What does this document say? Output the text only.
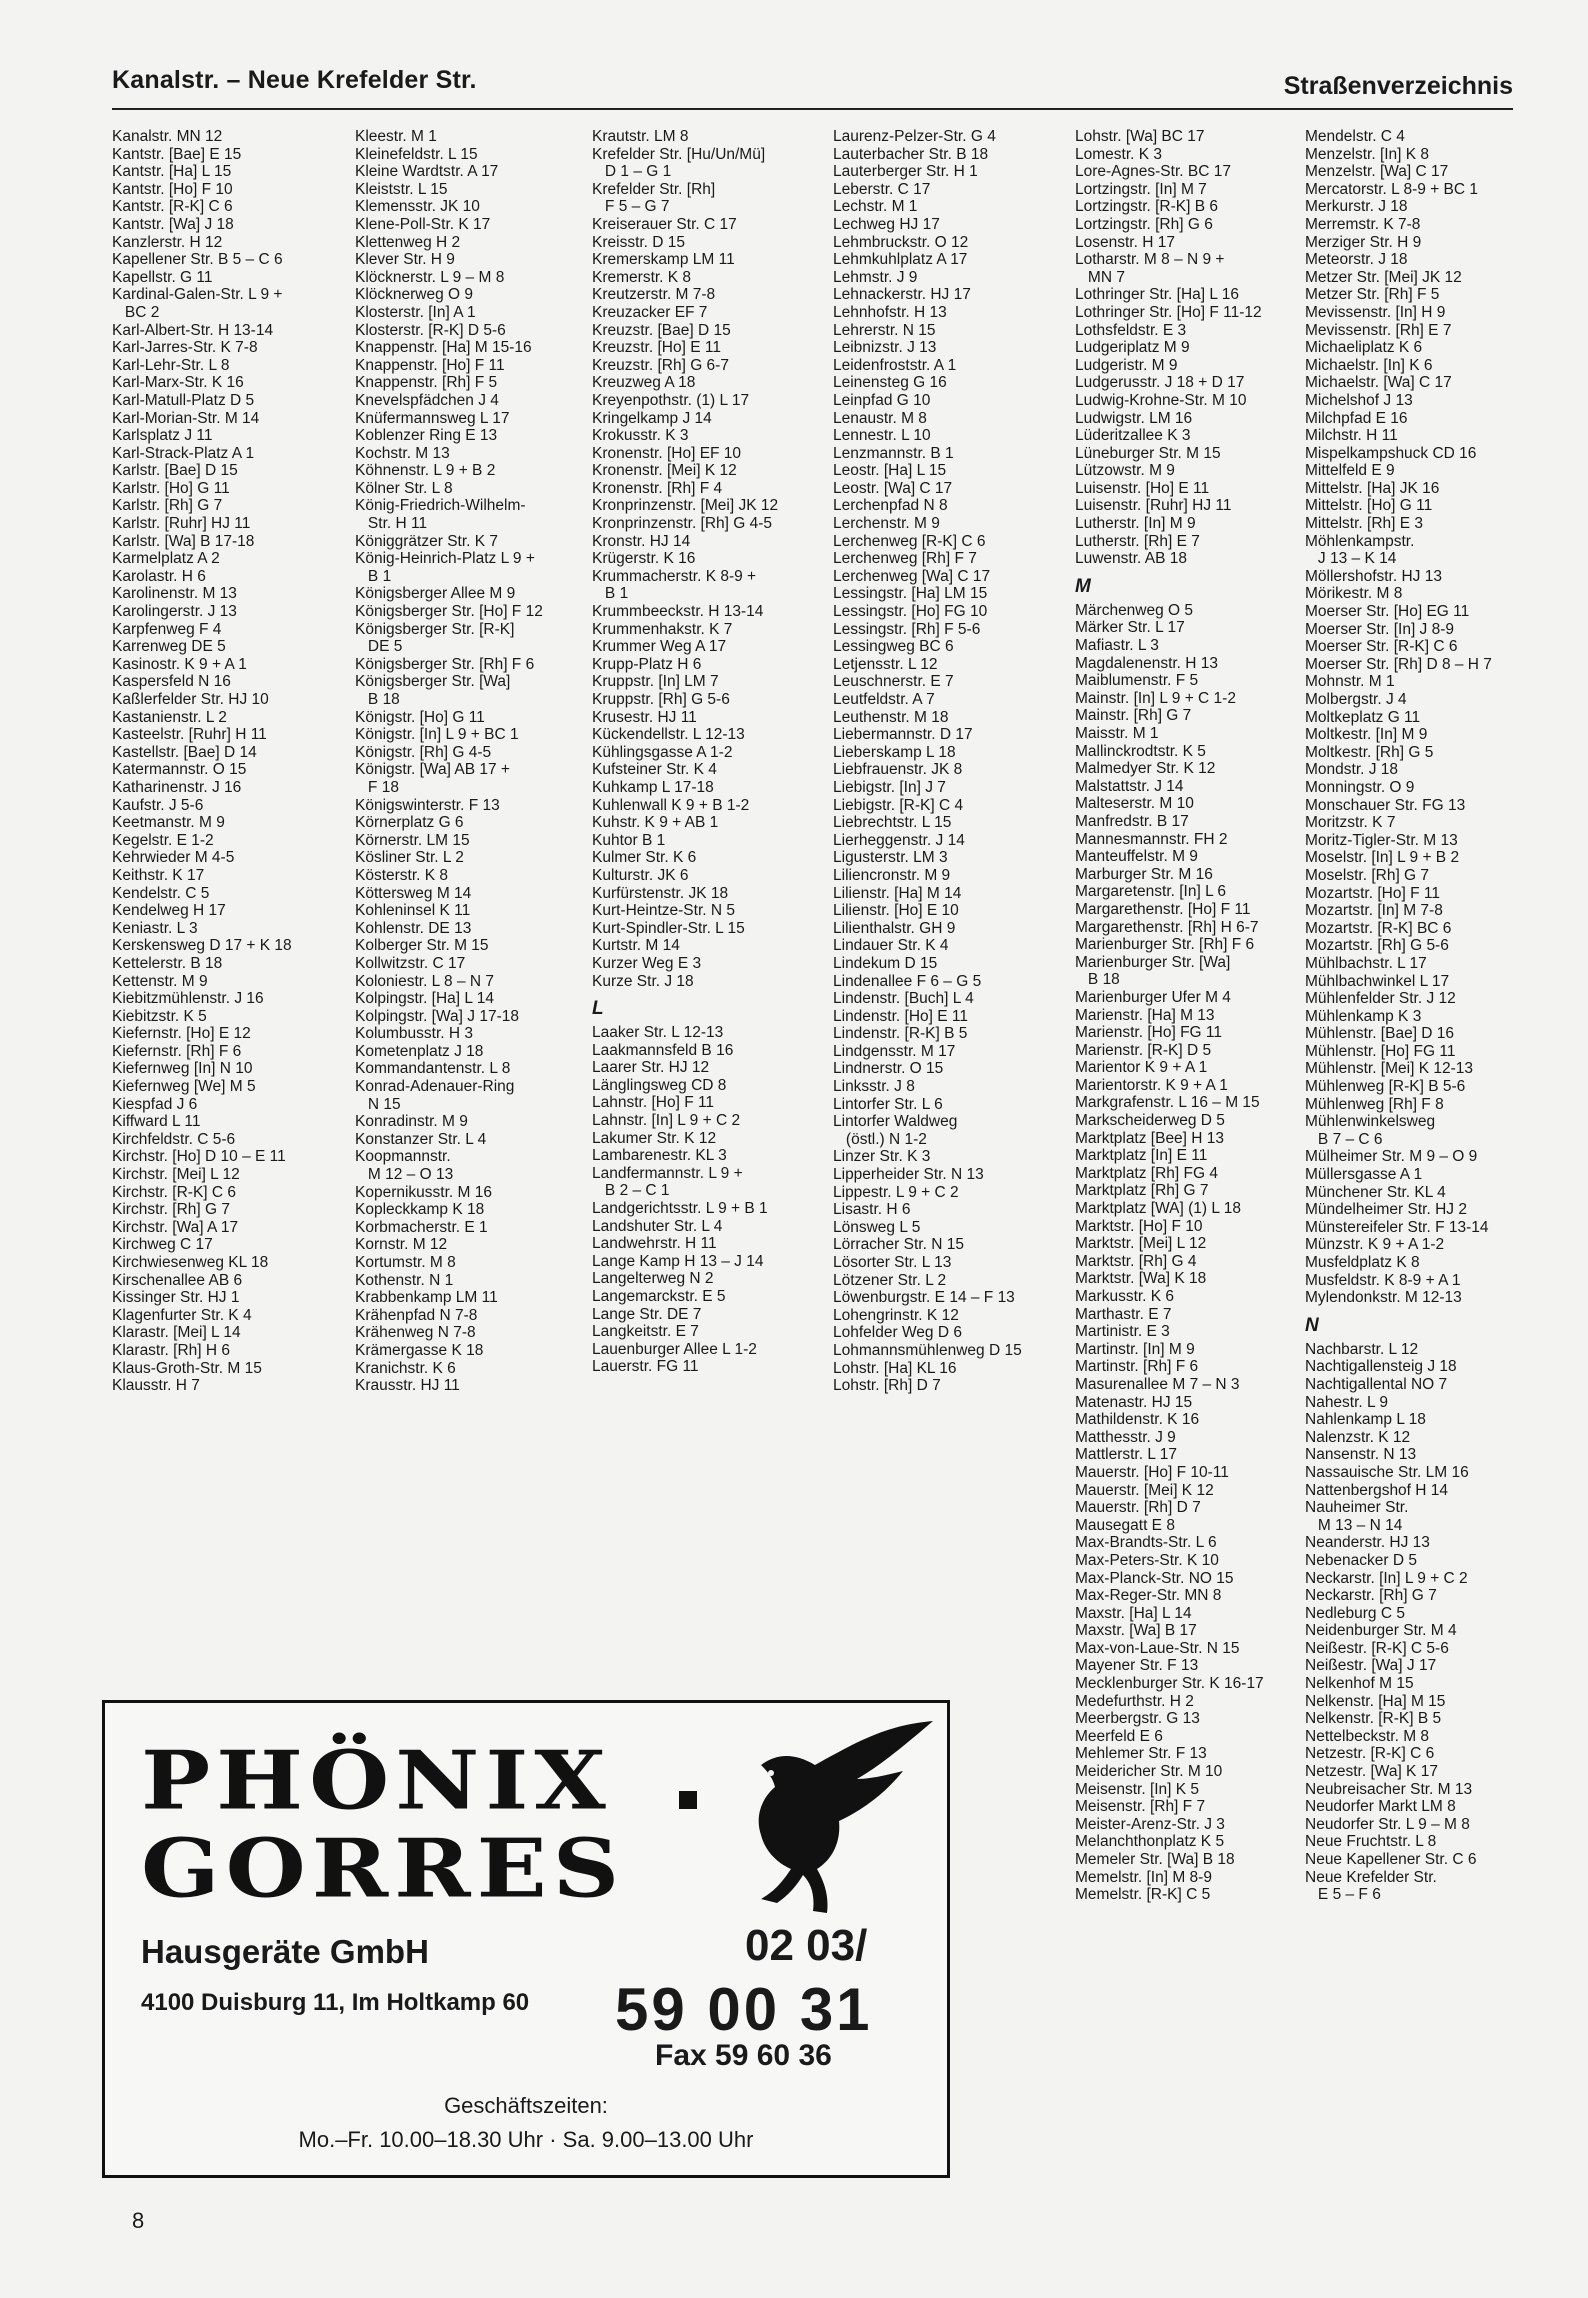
Kanalstr. – Neue Krefelder Str.	Straßenverzeichnis
Kanalstr. MN 12
Kantstr. [Bae] E 15
Kantstr. [Ha] L 15
Kantstr. [Ho] F 10
Kantstr. [R-K] C 6
Kantstr. [Wa] J 18
Kanzlerstr. H 12
Kapellener Str. B 5 – C 6
Kapellstr. G 11
Kardinal-Galen-Str. L 9 +
BC 2
Karl-Albert-Str. H 13-14
Karl-Jarres-Str. K 7-8
Karl-Lehr-Str. L 8
Karl-Marx-Str. K 16
Karl-Matull-Platz D 5
Karl-Morian-Str. M 14
Karlsplatz J 11
Karl-Strack-Platz A 1
Karlstr. [Bae] D 15
Karlstr. [Ho] G 11
Karlstr. [Rh] G 7
Karlstr. [Ruhr] HJ 11
Karlstr. [Wa] B 17-18
Karmelplatz A 2
Karolastr. H 6
Karolinenstr. M 13
Karolingerstr. J 13
Karpfenweg F 4
Karrenweg DE 5
Kasinostr. K 9 + A 1
Kaspersfeld N 16
Kaßlerfelder Str. HJ 10
Kastanienstr. L 2
Kasteelstr. [Ruhr] H 11
Kastellstr. [Bae] D 14
Katermannstr. O 15
Katharinenstr. J 16
Kaufstr. J 5-6
Keetmanstr. M 9
Kegelstr. E 1-2
Kehrwieder M 4-5
Keithstr. K 17
Kendelstr. C 5
Kendelweg H 17
Keniastr. L 3
Kerskensweg D 17 + K 18
Kettelerstr. B 18
Kettenstr. M 9
Kiebitzmühlenstr. J 16
Kiebitzstr. K 5
Kiefernstr. [Ho] E 12
Kiefernstr. [Rh] F 6
Kiefernweg [In] N 10
Kiefernweg [We] M 5
Kiespfad J 6
Kiffward L 11
Kirchfeldstr. C 5-6
Kirchstr. [Ho] D 10 – E 11
Kirchstr. [Mei] L 12
Kirchstr. [R-K] C 6
Kirchstr. [Rh] G 7
Kirchstr. [Wa] A 17
Kirchweg C 17
Kirchwiesenweg KL 18
Kirschenallee AB 6
Kissinger Str. HJ 1
Klagenfurter Str. K 4
Klarastr. [Mei] L 14
Klarastr. [Rh] H 6
Klaus-Groth-Str. M 15
Klausstr. H 7
Kleestr. M 1
Kleinefeldstr. L 15
Kleine Wardtstr. A 17
Kleiststr. L 15
Klemensstr. JK 10
Klene-Poll-Str. K 17
Klettenweg H 2
Klever Str. H 9
Klöcknerstr. L 9 – M 8
Klöcknerweg O 9
Klosterstr. [In] A 1
Klosterstr. [R-K] D 5-6
Knappenstr. [Ha] M 15-16
Knappenstr. [Ho] F 11
Knappenstr. [Rh] F 5
Knevelspfädchen J 4
Knüfermannsweg L 17
Koblenzer Ring E 13
Kochstr. M 13
Köhnenstr. L 9 + B 2
Kölner Str. L 8
König-Friedrich-Wilhelm-
Str. H 11
Königgrätzer Str. K 7
König-Heinrich-Platz L 9 +
B 1
Königsberger Allee M 9
Königsberger Str. [Ho] F 12
Königsberger Str. [R-K]
DE 5
Königsberger Str. [Rh] F 6
Königsberger Str. [Wa]
B 18
Königstr. [Ho] G 11
Königstr. [In] L 9 + BC 1
Königstr. [Rh] G 4-5
Königstr. [Wa] AB 17 +
F 18
Königswinterstr. F 13
Körnerplatz G 6
Körnerstr. LM 15
Kösliner Str. L 2
Kösterstr. K 8
Köttersweg M 14
Kohleninsel K 11
Kohlenstr. DE 13
Kolberger Str. M 15
Kollwitzstr. C 17
Koloniestr. L 8 – N 7
Kolpingstr. [Ha] L 14
Kolpingstr. [Wa] J 17-18
Kolumbusstr. H 3
Kometenplatz J 18
Kommandantenstr. L 8
Konrad-Adenauer-Ring
N 15
Konradinstr. M 9
Konstanzer Str. L 4
Koopmannstr.
M 12 – O 13
Kopernikusstr. M 16
Kopleckkamp K 18
Korbmacherstr. E 1
Kornstr. M 12
Kortumstr. M 8
Kothenstr. N 1
Krabbenkamp LM 11
Krähenpfad N 7-8
Krähenweg N 7-8
Krämergasse K 18
Kranichstr. K 6
Krausstr. HJ 11
Krautstr. LM 8
Krefelder Str. [Hu/Un/Mü]
D 1 – G 1
Krefelder Str. [Rh]
F 5 – G 7
Kreiserauer Str. C 17
Kreisstr. D 15
Kremerskamp LM 11
Kremerstr. K 8
Kreutzerstr. M 7-8
Kreuzacker EF 7
Kreuzstr. [Bae] D 15
Kreuzstr. [Ho] E 11
Kreuzstr. [Rh] G 6-7
Kreuzweg A 18
Kreyenpothstr. (1) L 17
Kringelkamp J 14
Krokusstr. K 3
Kronenstr. [Ho] EF 10
Kronenstr. [Mei] K 12
Kronenstr. [Rh] F 4
Kronprinzenstr. [Mei] JK 12
Kronprinzenstr. [Rh] G 4-5
Kronstr. HJ 14
Krügerstr. K 16
Krummacherstr. K 8-9 +
B 1
Krummbeeckstr. H 13-14
Krummenhakstr. K 7
Krummer Weg A 17
Krupp-Platz H 6
Kruppstr. [In] LM 7
Kruppstr. [Rh] G 5-6
Krusestr. HJ 11
Kückendellstr. L 12-13
Kühlingsgasse A 1-2
Kufsteiner Str. K 4
Kuhkamp L 17-18
Kuhlenwall K 9 + B 1-2
Kuhstr. K 9 + AB 1
Kuhtor B 1
Kulmer Str. K 6
Kulturstr. JK 6
Kurfürstenstr. JK 18
Kurt-Heintze-Str. N 5
Kurt-Spindler-Str. L 15
Kurtstr. M 14
Kurzer Weg E 3
Kurze Str. J 18
L
Laaker Str. L 12-13
Laakmannsfeld B 16
Laarer Str. HJ 12
Länglingsweg CD 8
Lahnstr. [Ho] F 11
Lahnstr. [In] L 9 + C 2
Lakumer Str. K 12
Lambarenestr. KL 3
Landfermannstr. L 9 +
B 2 – C 1
Landgerichtsstr. L 9 + B 1
Landshuter Str. L 4
Landwehrstr. H 11
Lange Kamp H 13 – J 14
Langelterweg N 2
Langemarckstr. E 5
Lange Str. DE 7
Langkeitstr. E 7
Lauenburger Allee L 1-2
Lauerstr. FG 11
Laurenz-Pelzer-Str. G 4
Lauterbacher Str. B 18
Lauterberger Str. H 1
Leberstr. C 17
Lechstr. M 1
Lechweg HJ 17
Lehmbruckstr. O 12
Lehmkuhlplatz A 17
Lehmstr. J 9
Lehnackerstr. HJ 17
Lehnhofstr. H 13
Lehrerstr. N 15
Leibnizstr. J 13
Leidenfroststr. A 1
Leinensteg G 16
Leinpfad G 10
Lenaustr. M 8
Lennestr. L 10
Lenzmannstr. B 1
Leostr. [Ha] L 15
Leostr. [Wa] C 17
Lerchenpfad N 8
Lerchenstr. M 9
Lerchenweg [R-K] C 6
Lerchenweg [Rh] F 7
Lerchenweg [Wa] C 17
Lessingstr. [Ha] LM 15
Lessingstr. [Ho] FG 10
Lessingstr. [Rh] F 5-6
Lessingweg BC 6
Letjensstr. L 12
Leuschnerstr. E 7
Leutfeldstr. A 7
Leuthenstr. M 18
Liebermannstr. D 17
Lieberskamp L 18
Liebfrauenstr. JK 8
Liebigstr. [In] J 7
Liebigstr. [R-K] C 4
Liebrechtstr. L 15
Lierheggenstr. J 14
Ligusterstr. LM 3
Liliencronstr. M 9
Lilienstr. [Ha] M 14
Lilienstr. [Ho] E 10
Lilienthalstr. GH 9
Lindauer Str. K 4
Lindekum D 15
Lindenallee F 6 – G 5
Lindenstr. [Buch] L 4
Lindenstr. [Ho] E 11
Lindenstr. [R-K] B 5
Lindgensstr. M 17
Lindnerstr. O 15
Linksstr. J 8
Lintorfer Str. L 6
Lintorfer Waldweg
(östl.) N 1-2
Linzer Str. K 3
Lipperheider Str. N 13
Lippestr. L 9 + C 2
Lisastr. H 6
Lönsweg L 5
Lörracher Str. N 15
Lösorter Str. L 13
Lötzener Str. L 2
Löwenburgstr. E 14 – F 13
Lohengrinstr. K 12
Lohfelder Weg D 6
Lohmannsmühlenweg D 15
Lohstr. [Ha] KL 16
Lohstr. [Rh] D 7
Lohstr. [Wa] BC 17
Lomestr. K 3
Lore-Agnes-Str. BC 17
Lortzingstr. [In] M 7
Lortzingstr. [R-K] B 6
Lortzingstr. [Rh] G 6
Losenstr. H 17
Lotharstr. M 8 – N 9 +
MN 7
Lothringer Str. [Ha] L 16
Lothringer Str. [Ho] F 11-12
Lothsfeldstr. E 3
Ludgeriplatz M 9
Ludgeristr. M 9
Ludgerusstr. J 18 + D 17
Ludwig-Krohne-Str. M 10
Ludwigstr. LM 16
Lüderitzallee K 3
Lüneburger Str. M 15
Lützowstr. M 9
Luisenstr. [Ho] E 11
Luisenstr. [Ruhr] HJ 11
Lutherstr. [In] M 9
Lutherstr. [Rh] E 7
Luwenstr. AB 18
M
Märchenweg O 5
Märker Str. L 17
Mafiastr. L 3
Magdalenenstr. H 13
Maiblumenstr. F 5
Mainstr. [In] L 9 + C 1-2
Mainstr. [Rh] G 7
Maisstr. M 1
Mallinckrodtstr. K 5
Malmedyer Str. K 12
Malstattstr. J 14
Malteserstr. M 10
Manfredstr. B 17
Mannesmannstr. FH 2
Manteuffelstr. M 9
Marburger Str. M 16
Margaretenstr. [In] L 6
Margarethenstr. [Ho] F 11
Margarethenstr. [Rh] H 6-7
Marienburger Str. [Rh] F 6
Marienburger Str. [Wa]
B 18
Marienburger Ufer M 4
Marienstr. [Ha] M 13
Marienstr. [Ho] FG 11
Marienstr. [R-K] D 5
Marientor K 9 + A 1
Marientorstr. K 9 + A 1
Markgrafenstr. L 16 – M 15
Markscheiderweg D 5
Marktplatz [Bee] H 13
Marktplatz [In] E 11
Marktplatz [Rh] FG 4
Marktplatz [Rh] G 7
Marktplatz [WA] (1) L 18
Marktstr. [Ho] F 10
Marktstr. [Mei] L 12
Marktstr. [Rh] G 4
Marktstr. [Wa] K 18
Markusstr. K 6
Marthastr. E 7
Martinistr. E 3
Martinstr. [In] M 9
Martinstr. [Rh] F 6
Masurenallee M 7 – N 3
Matenastr. HJ 15
Mathildenstr. K 16
Matthesstr. J 9
Mattlerstr. L 17
Mauerstr. [Ho] F 10-11
Mauerstr. [Mei] K 12
Mauerstr. [Rh] D 7
Mausegatt E 8
Max-Brandts-Str. L 6
Max-Peters-Str. K 10
Max-Planck-Str. NO 15
Max-Reger-Str. MN 8
Maxstr. [Ha] L 14
Maxstr. [Wa] B 17
Max-von-Laue-Str. N 15
Mayener Str. F 13
Mecklenburger Str. K 16-17
Medefurthstr. H 2
Meerbergstr. G 13
Meerfeld E 6
Mehlemer Str. F 13
Meidericher Str. M 10
Meisenstr. [In] K 5
Meisenstr. [Rh] F 7
Meister-Arenz-Str. J 3
Melanchthonplatz K 5
Memeler Str. [Wa] B 18
Memelstr. [In] M 8-9
Memelstr. [R-K] C 5
Mendelstr. C 4
Menzelstr. [In] K 8
Menzelstr. [Wa] C 17
Mercatorstr. L 8-9 + BC 1
Merkurstr. J 18
Merremstr. K 7-8
Merziger Str. H 9
Meteorstr. J 18
Metzer Str. [Mei] JK 12
Metzer Str. [Rh] F 5
Mevissenstr. [In] H 9
Mevissenstr. [Rh] E 7
Michaeliplatz K 6
Michaelstr. [In] K 6
Michaelstr. [Wa] C 17
Michelshof J 13
Milchpfad E 16
Milchstr. H 11
Mispelkampshuck CD 16
Mittelfeld E 9
Mittelstr. [Ha] JK 16
Mittelstr. [Ho] G 11
Mittelstr. [Rh] E 3
Möhlenkampstr.
J 13 – K 14
Möllershofstr. HJ 13
Mörikestr. M 8
Moerser Str. [Ho] EG 11
Moerser Str. [In] J 8-9
Moerser Str. [R-K] C 6
Moerser Str. [Rh] D 8 – H 7
Mohnstr. M 1
Molbergstr. J 4
Moltkeplatz G 11
Moltkestr. [In] M 9
Moltkestr. [Rh] G 5
Mondstr. J 18
Monningstr. O 9
Monschauer Str. FG 13
Moritzstr. K 7
Moritz-Tigler-Str. M 13
Moselstr. [In] L 9 + B 2
Moselstr. [Rh] G 7
Mozartstr. [Ho] F 11
Mozartstr. [In] M 7-8
Mozartstr. [R-K] BC 6
Mozartstr. [Rh] G 5-6
Mühlbachstr. L 17
Mühlbachwinkel L 17
Mühlenfelder Str. J 12
Mühlenkamp K 3
Mühlenstr. [Bae] D 16
Mühlenstr. [Ho] FG 11
Mühlenstr. [Mei] K 12-13
Mühlenweg [R-K] B 5-6
Mühlenweg [Rh] F 8
Mühlenwinkelsweg
B 7 – C 6
Mülheimer Str. M 9 – O 9
Müllersgasse A 1
Münchener Str. KL 4
Mündelheimer Str. HJ 2
Münstereifeler Str. F 13-14
Münzstr. K 9 + A 1-2
Musfeldplatz K 8
Musfeldstr. K 8-9 + A 1
Mylendonkstr. M 12-13
N
Nachbarstr. L 12
Nachtigallensteig J 18
Nachtigallental NO 7
Nahestr. L 9
Nahlenkamp L 18
Nalenzstr. K 12
Nansenstr. N 13
Nassauische Str. LM 16
Nattenbergshof H 14
Nauheimer Str.
M 13 – N 14
Neanderstr. HJ 13
Nebenacker D 5
Neckarstr. [In] L 9 + C 2
Neckarstr. [Rh] G 7
Nedleburg C 5
Neidenburger Str. M 4
Neißestr. [R-K] C 5-6
Neißestr. [Wa] J 17
Nelkenhof M 15
Nelkenstr. [Ha] M 15
Nelkenstr. [R-K] B 5
Nettelbeckstr. M 8
Netzestr. [R-K] C 6
Netzestr. [Wa] K 17
Neubreisacher Str. M 13
Neudorfer Markt LM 8
Neudorfer Str. L 9 – M 8
Neue Fruchtstr. L 8
Neue Kapellener Str. C 6
Neue Krefelder Str.
E 5 – F 6
PHÖNIX
GORRES
Hausgeräte GmbH
4100 Duisburg 11, Im Holtkamp 60
02 03/
59 00 31
Fax 59 60 36
Geschäftszeiten:
Mo.–Fr. 10.00–18.30 Uhr · Sa. 9.00–13.00 Uhr
8
